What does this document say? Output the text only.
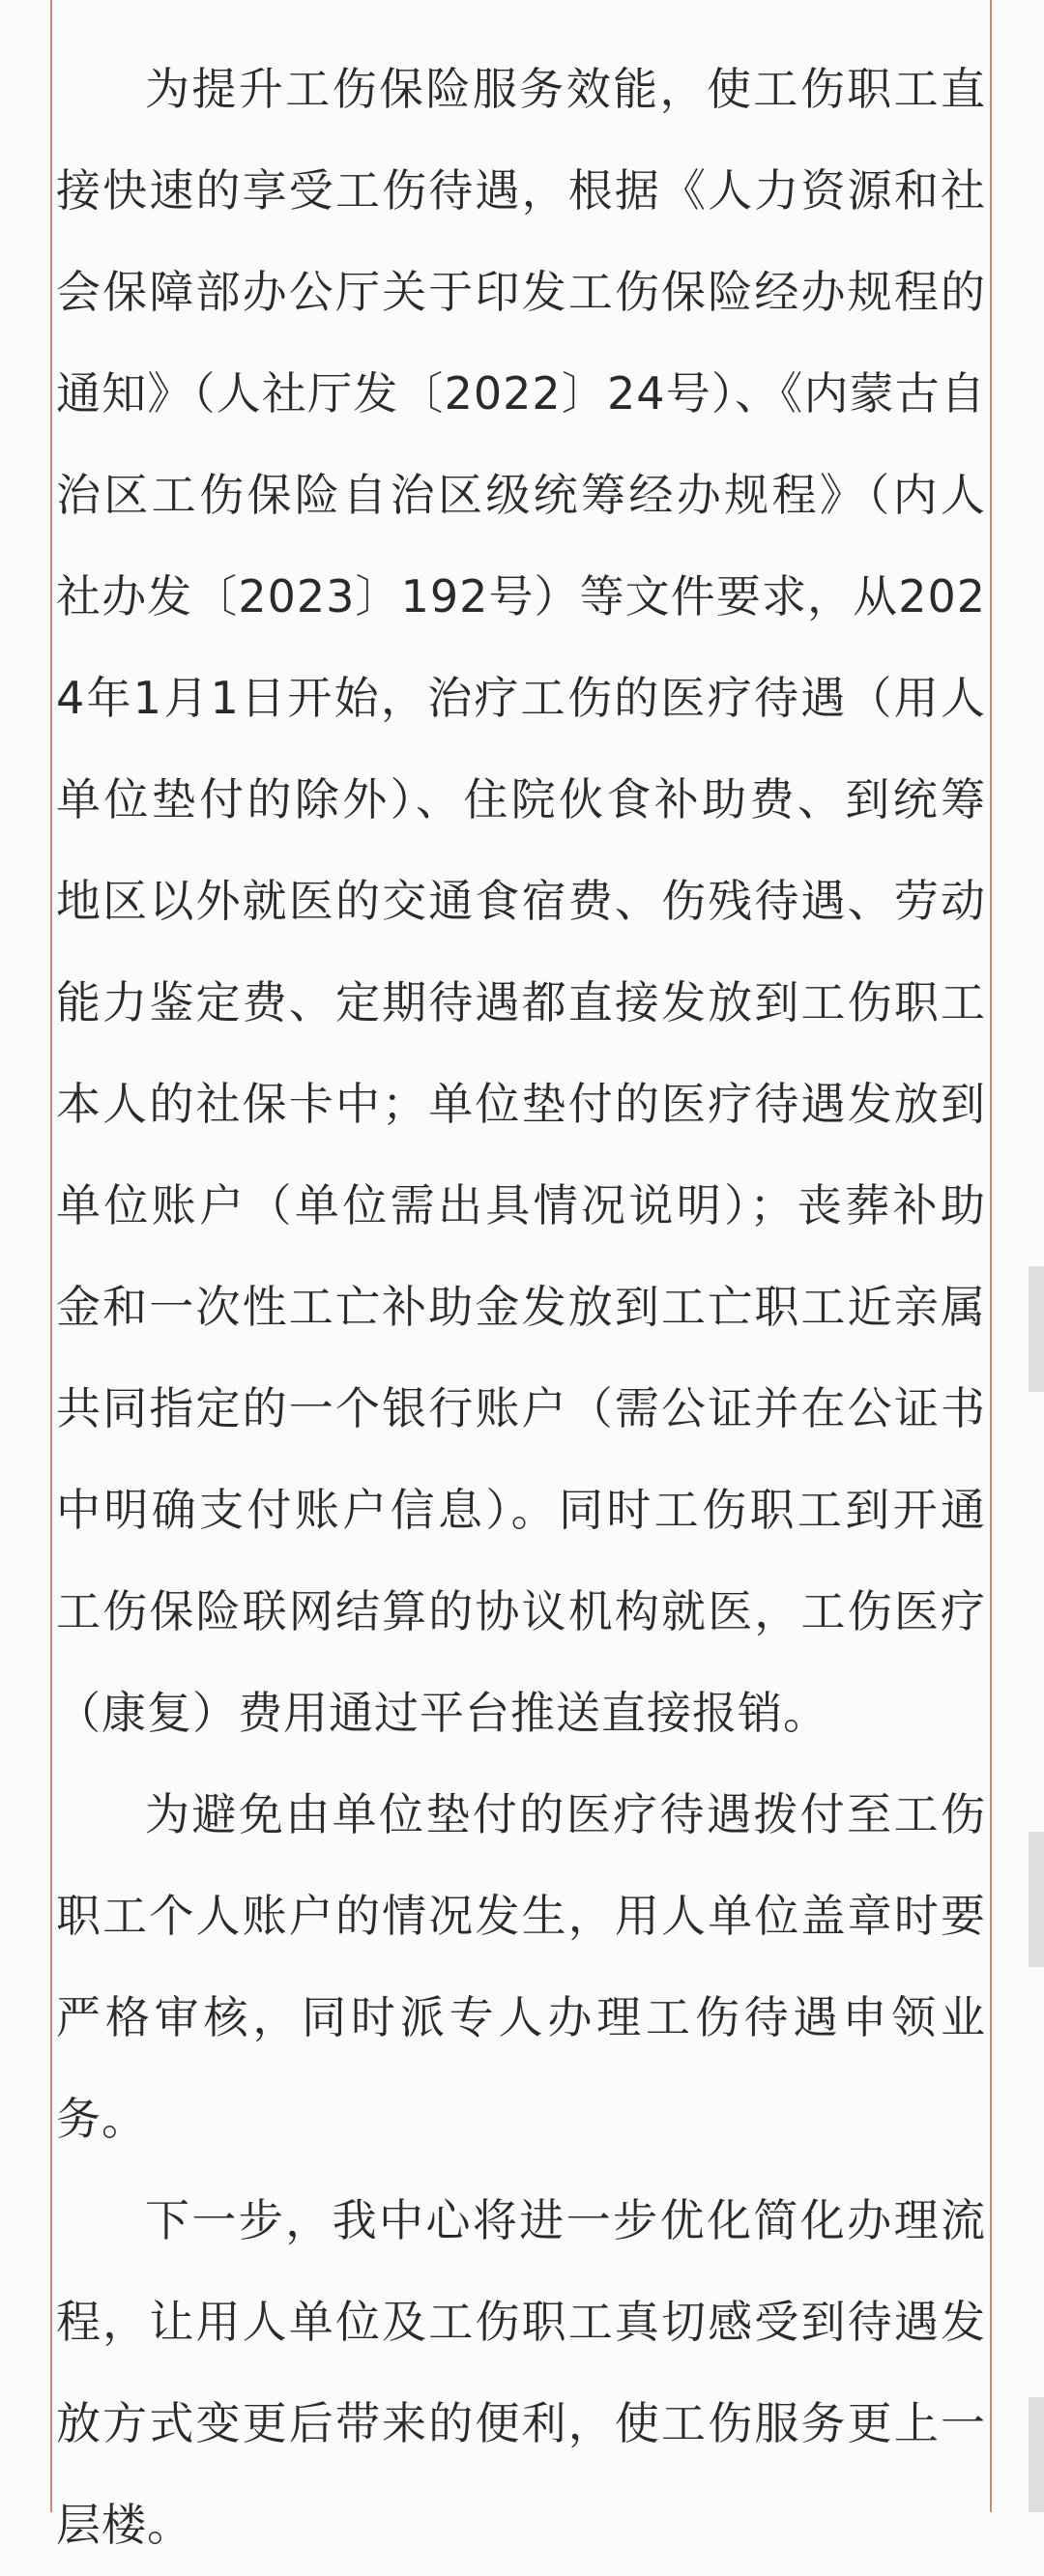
为提升工伤保险服务效能，使工伤职工直接快速的享受工伤待遇，根据《人力资源和社会保障部办公厅关于印发工伤保险经办规程的通知》（人社厅发〔2022〕24号）、《内蒙古自治区工伤保险自治区级统筹经办规程》（内人社办发〔2023〕192号）等文件要求，从2024年1月1日开始，治疗工伤的医疗待遇（用人单位垫付的除外）、住院伙食补助费、到统筹地区以外就医的交通食宿费、伤残待遇、劳动能力鉴定费、定期待遇都直接发放到工伤职工本人的社保卡中；单位垫付的医疗待遇发放到单位账户（单位需出具情况说明）；丧葬补助金和一次性工亡补助金发放到工亡职工近亲属共同指定的一个银行账户（需公证并在公证书中明确支付账户信息）。同时工伤职工到开通工伤保险联网结算的协议机构就医，工伤医疗（康复）费用通过平台推送直接报销。

为避免由单位垫付的医疗待遇拨付至工伤职工个人账户的情况发生，用人单位盖章时要严格审核，同时派专人办理工伤待遇申领业务。

下一步，我中心将进一步优化简化办理流程，让用人单位及工伤职工真切感受到待遇发放方式变更后带来的便利，使工伤服务更上一层楼。
